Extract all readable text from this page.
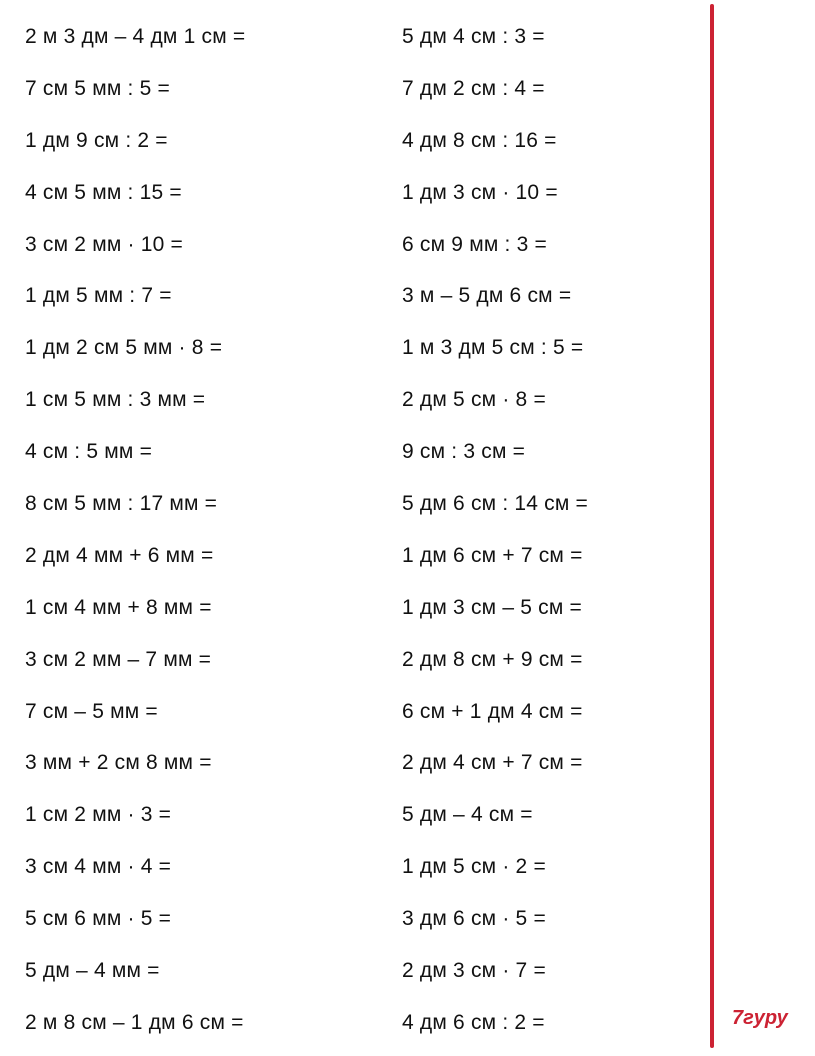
2 м 3 дм – 4 дм 1 см =
7 см 5 мм : 5 =
1 дм 9 см : 2 =
4 см 5 мм : 15 =
3 см 2 мм · 10 =
1 дм 5 мм : 7 =
1 дм 2 см 5 мм · 8 =
1 см 5 мм : 3 мм =
4 см : 5 мм =
8 см 5 мм : 17 мм =
2 дм 4 мм + 6 мм =
1 см 4 мм + 8 мм =
3 см 2 мм – 7 мм =
7 см – 5 мм =
3 мм + 2 см 8 мм =
1 см 2 мм · 3 =
3 см 4 мм · 4 =
5 см 6 мм · 5 =
5 дм – 4 мм =
2 м 8 см – 1 дм 6 см =
5 дм 4 см : 3 =
7 дм 2 см : 4 =
4 дм 8 см : 16 =
1 дм 3 см · 10 =
6 см 9 мм : 3 =
3 м – 5 дм 6 см =
1 м 3 дм 5 см : 5 =
2 дм 5 см · 8 =
9 см : 3 см =
5 дм 6 см : 14 см =
1 дм 6 см + 7 см =
1 дм 3 см – 5 см =
2 дм 8 см + 9 см =
6 см + 1 дм 4 см =
2 дм 4 см + 7 см =
5 дм – 4 см =
1 дм 5 см · 2 =
3 дм 6 см · 5 =
2 дм 3 см · 7 =
4 дм 6 см : 2 =	7гуру
